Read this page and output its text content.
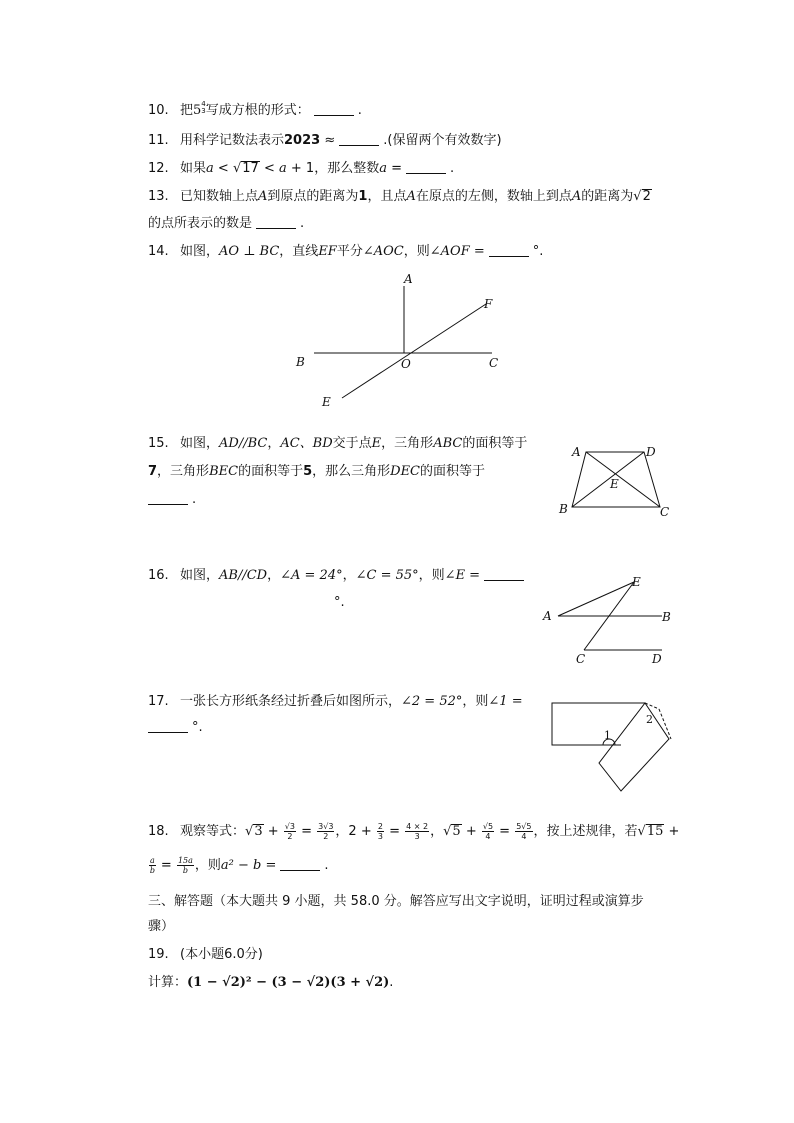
10. 把5 4
3 写成方根的形式：	.
11. 用科学记数法表示2023 ≈	.(保留两个有效数字)
12. 如果a < √17 < a + 1，那么整数a =	.
13. 已知数轴上点A到原点的距离为1，且点A在原点的左侧，数轴上到点A的距离为√2
的点所表示的数是	.
14. 如图，AO ⊥ BC，直线EF平分∠AOC，则∠AOF =	°.
A
F
B	O	C
E
15. 如图，AD//BC，AC、BD交于点E，三角形ABC的面积等于
7，三角形BEC的面积等于5，那么三角形DEC的面积等于
.
A	D
E
B	C
16. 如图，AB//CD，∠A = 24°，∠C = 55°，则∠E =
°.
E
A	B
C	D
17. 一张长方形纸条经过折叠后如图所示，∠2 = 52°，则∠1 =
°.
1
2
18. 观察等式：$√3 + \frac{√3}{2} = \frac{3√3}{2}$ ，$2 + \frac{2}{3} = \frac{4 \times 2}{3}$ ，$√5 + \frac{√5}{4} = \frac{5√5}{4}$ ，按上述规律，若√15 +
$\frac{a}{b} = \frac{15a}{b}$ ，则a² − b =	.
三、解答题（本大题共 9 小题，共 58.0 分。解答应写出文字说明，证明过程或演算步
骤）
19. (本小题6.0分)
计算：(1 − √2)² − (3 − √2)(3 + √2).
